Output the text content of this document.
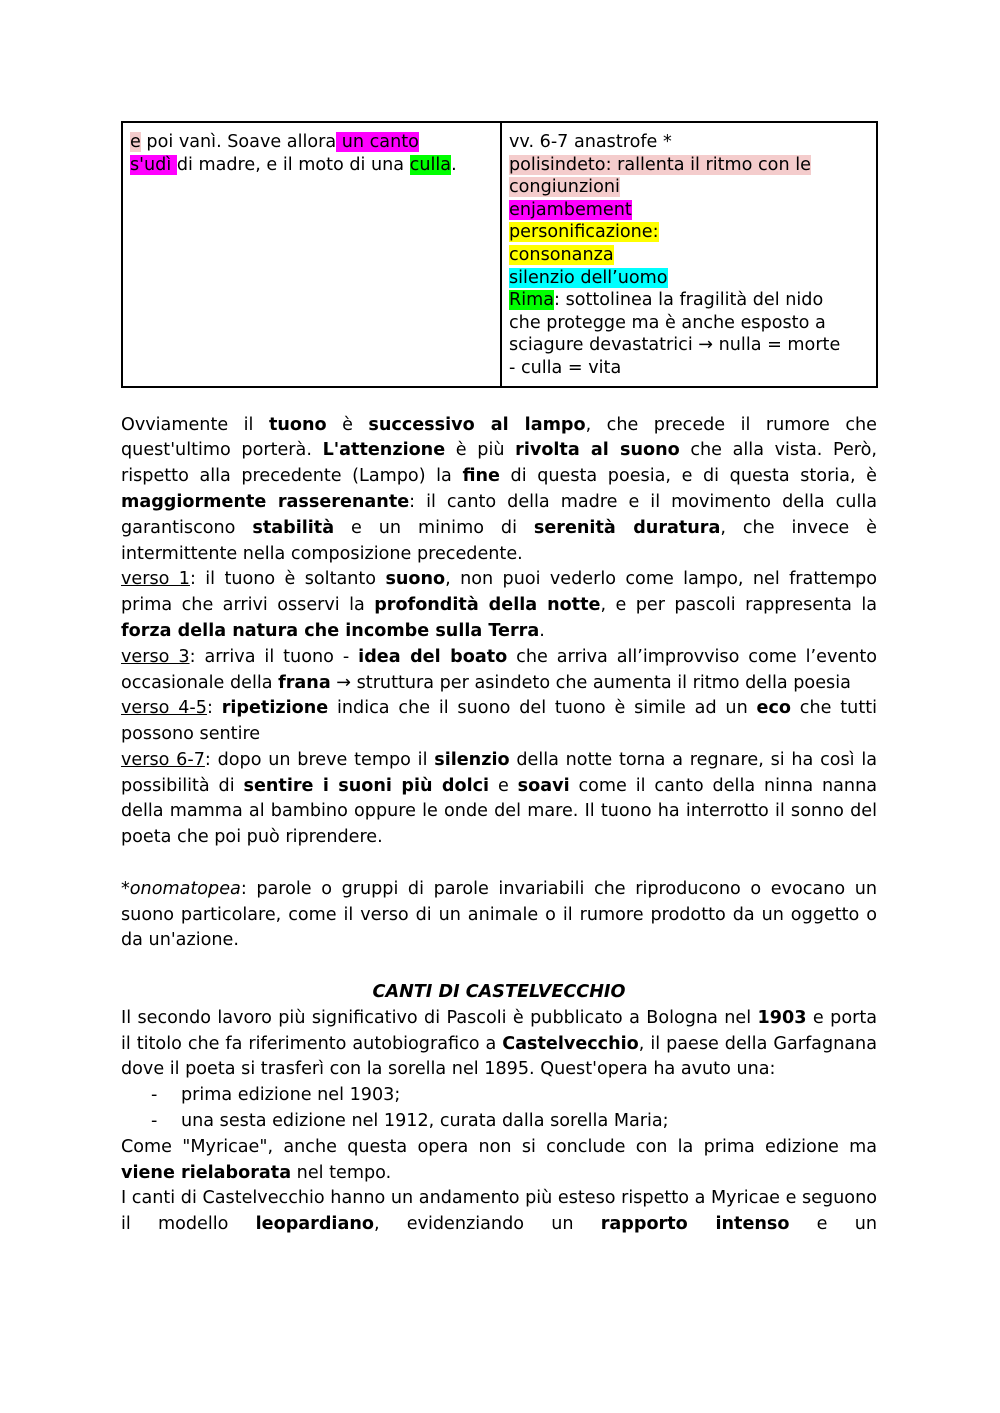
e poi vanì. Soave allora un canto
s'udì di madre, e il moto di una culla.

vv. 6-7 anastrofe *
polisindeto: rallenta il ritmo con le
congiunzioni
enjambement
personificazione:
consonanza
silenzio dell’uomo
Rima: sottolinea la fragilità del nido
che protegge ma è anche esposto a
sciagure devastatrici → nulla = morte
- culla = vita

Ovviamente il tuono è successivo al lampo, che precede il rumore che quest'ultimo porterà. L'attenzione è più rivolta al suono che alla vista. Però, rispetto alla precedente (Lampo) la fine di questa poesia, e di questa storia, è maggiormente rasserenante: il canto della madre e il movimento della culla garantiscono stabilità e un minimo di serenità duratura, che invece è intermittente nella composizione precedente.

verso 1: il tuono è soltanto suono, non puoi vederlo come lampo, nel frattempo prima che arrivi osservi la profondità della notte, e per pascoli rappresenta la forza della natura che incombe sulla Terra.

verso 3: arriva il tuono - idea del boato che arriva all’improvviso come l’evento occasionale della frana → struttura per asindeto che aumenta il ritmo della poesia

verso 4-5: ripetizione indica che il suono del tuono è simile ad un eco che tutti possono sentire

verso 6-7: dopo un breve tempo il silenzio della notte torna a regnare, si ha così la possibilità di sentire i suoni più dolci e soavi come il canto della ninna nanna della mamma al bambino oppure le onde del mare. Il tuono ha interrotto il sonno del poeta che poi può riprendere.

*onomatopea: parole o gruppi di parole invariabili che riproducono o evocano un suono particolare, come il verso di un animale o il rumore prodotto da un oggetto o da un'azione.

CANTI DI CASTELVECCHIO

Il secondo lavoro più significativo di Pascoli è pubblicato a Bologna nel 1903 e porta il titolo che fa riferimento autobiografico a Castelvecchio, il paese della Garfagnana dove il poeta si trasferì con la sorella nel 1895. Quest'opera ha avuto una:

-	prima edizione nel 1903;
-	una sesta edizione nel 1912, curata dalla sorella Maria;

Come "Myricae", anche questa opera non si conclude con la prima edizione ma viene rielaborata nel tempo.

I canti di Castelvecchio hanno un andamento più esteso rispetto a Myricae e seguono il modello leopardiano, evidenziando un rapporto intenso e un
